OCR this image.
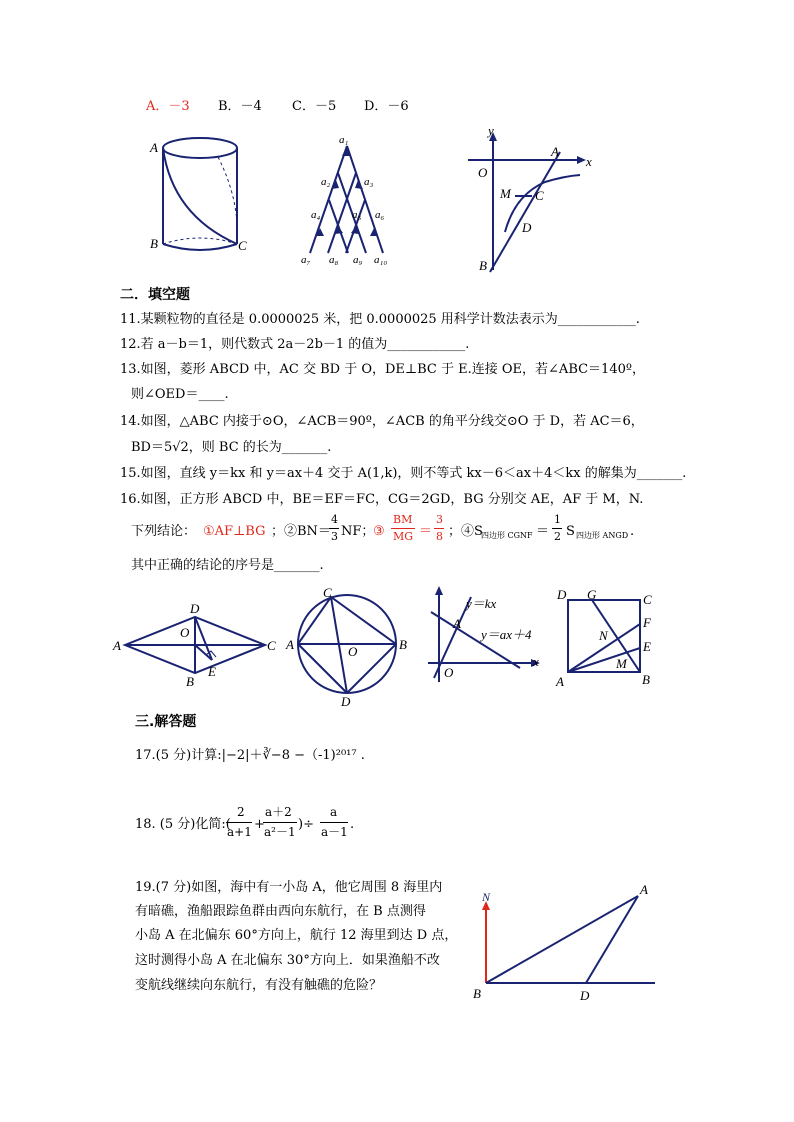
A．－3 B．－4 C．－5 D．－6
A
B	C
a₁
a₂	a₃
a₄	a₅ a₆
a₇ a₈ a₉ a₁₀
y
x
O
A
M C
D
B
D
O
A	C
B
E
C
A	O	B
D
y＝kx
A
y＝ax＋4
O
x
D G	C
F
N
E
M
A	B
N	A
B	D
二．填空题
11.某颗粒物的直径是 0.0000025 米，把 0.0000025 用科学计数法表示为____________.
12.若 a－b＝1，则代数式 2a－2b－1 的值为____________.
13.如图，菱形 ABCD 中，AC 交 BD 于 O，DE⊥BC 于 E.连接 OE，若∠ABC＝140º，
则∠OED＝____.
14.如图，△ABC 内接于⊙O，∠ACB＝90º，∠ACB 的角平分线交⊙O 于 D，若 AC＝6，
BD＝5√2，则 BC 的长为_______.
15.如图，直线 y＝kx 和 y＝ax＋4 交于 A(1,k)，则不等式 kx－6＜ax＋4＜kx 的解集为_______.
16.如图，正方形 ABCD 中，BE＝EF＝FC，CG＝2GD，BG 分别交 AE，AF 于 M，N.
下列结论： ①AF⊥BG ；②BN＝
4
3 NF；
③
BM
MG ＝
3
8 ；④S
四边形 CGNF ＝
1
2 S 四边形 ANGD .
其中正确的结论的序号是_______.
三.解答题
17.(5 分)计算:|−2|＋∛−8 −（-1)²⁰¹⁷ .
18. (5 分)化简:(
2
a+1 +
a＋2
a²－1 )÷
a
a－1 .
19.(7 分)如图，海中有一小岛 A，他它周围 8 海里内
有暗礁，渔船跟踪鱼群由西向东航行，在 B 点测得
小岛 A 在北偏东 60°方向上，航行 12 海里到达 D 点，
这时测得小岛 A 在北偏东 30°方向上．如果渔船不改
变航线继续向东航行，有没有触礁的危险？
